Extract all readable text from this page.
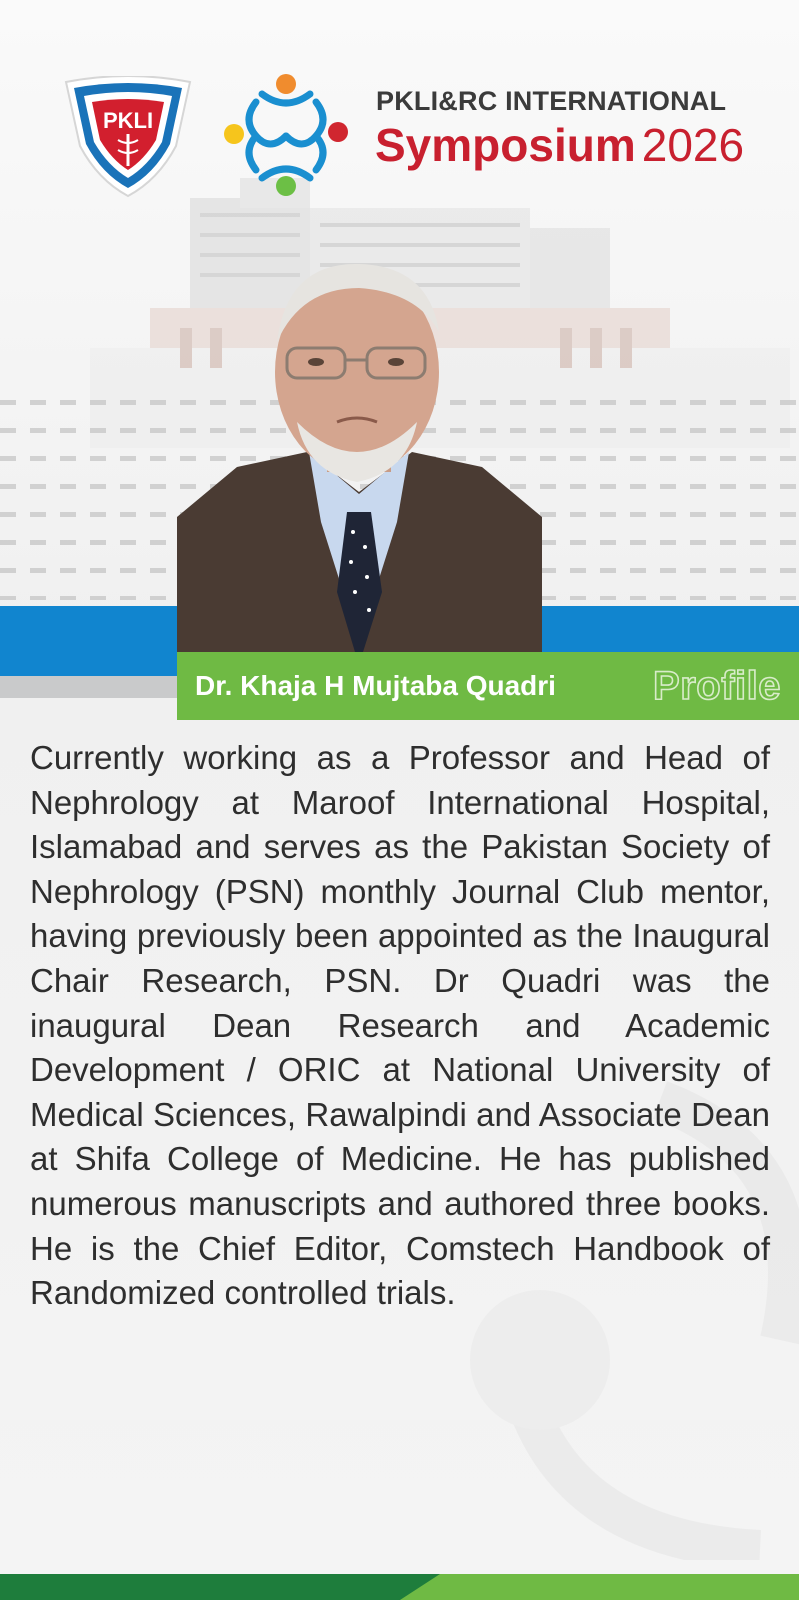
PKLI
PKLI&RC INTERNATIONAL
Symposium 2026
Dr. Khaja H Mujtaba Quadri Profile
Currently working as a Professor and Head of Nephrology at Maroof International Hospital, Islamabad and serves as the Pakistan Society of Nephrology (PSN) monthly Journal Club mentor, having previously been appointed as the Inaugural Chair Research, PSN. Dr Quadri was the inaugural Dean Research and Academic Development / ORIC at National University of Medical Sciences, Rawalpindi and Associate Dean at Shifa College of Medicine. He has published numerous manuscripts and authored three books. He is the Chief Editor, Comstech Handbook of Randomized controlled trials.
